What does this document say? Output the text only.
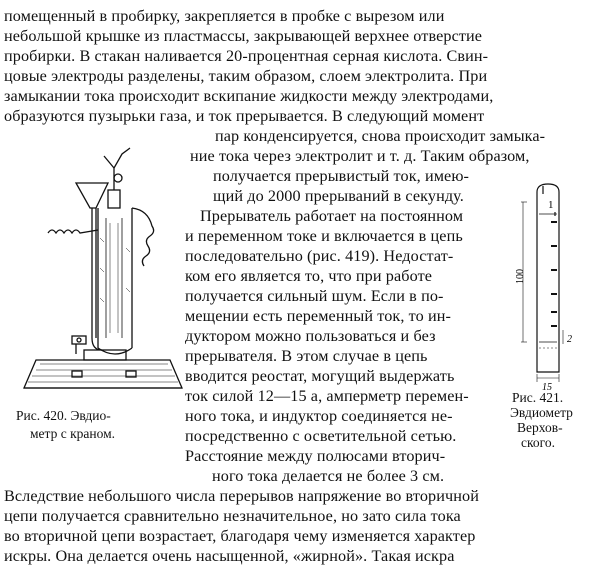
помещенный в пробирку, закрепляется в пробке с вырезом или
небольшой крышке из пластмассы, закрывающей верхнее отверстие
пробирки. В стакан наливается 20-процентная серная кислота. Свин-
цовые электроды разделены, таким образом, слоем электролита. При
замыкании тока происходит вскипание жидкости между электродами,
образуются пузырьки газа, и ток прерывается. В следующий момент
пар конденсируется, снова происходит замыка-
ние тока через электролит и т. д. Таким образом,
получается прерывистый ток, имею-
щий до 2000 прерываний в секунду.
Прерыватель работает на постоянном
и переменном токе и включается в цепь
последовательно (рис. 419). Недостат-
ком его является то, что при работе
получается сильный шум. Если в по-
мещении есть переменный ток, то ин-
дуктором можно пользоваться и без
прерывателя. В этом случае в цепь
вводится реостат, могущий выдержать
ток силой 12—15 а, амперметр перемен-
ного тока, и индуктор соединяется не-
посредственно с осветительной сетью.
Расстояние между полюсами вторич-
ного тока делается не более 3 см.
Вследствие небольшого числа перерывов напряжение во вторичной
цепи получается сравнительно незначительное, но зато сила тока
во вторичной цепи возрастает, благодаря чему изменяется характер
искры. Она делается очень насыщенной, «жирной». Такая искра
Рис. 420. Эвдио-
метр с краном.
1
100
2
15
Рис. 421.
Эвдиометр
Верхов-
ского.
